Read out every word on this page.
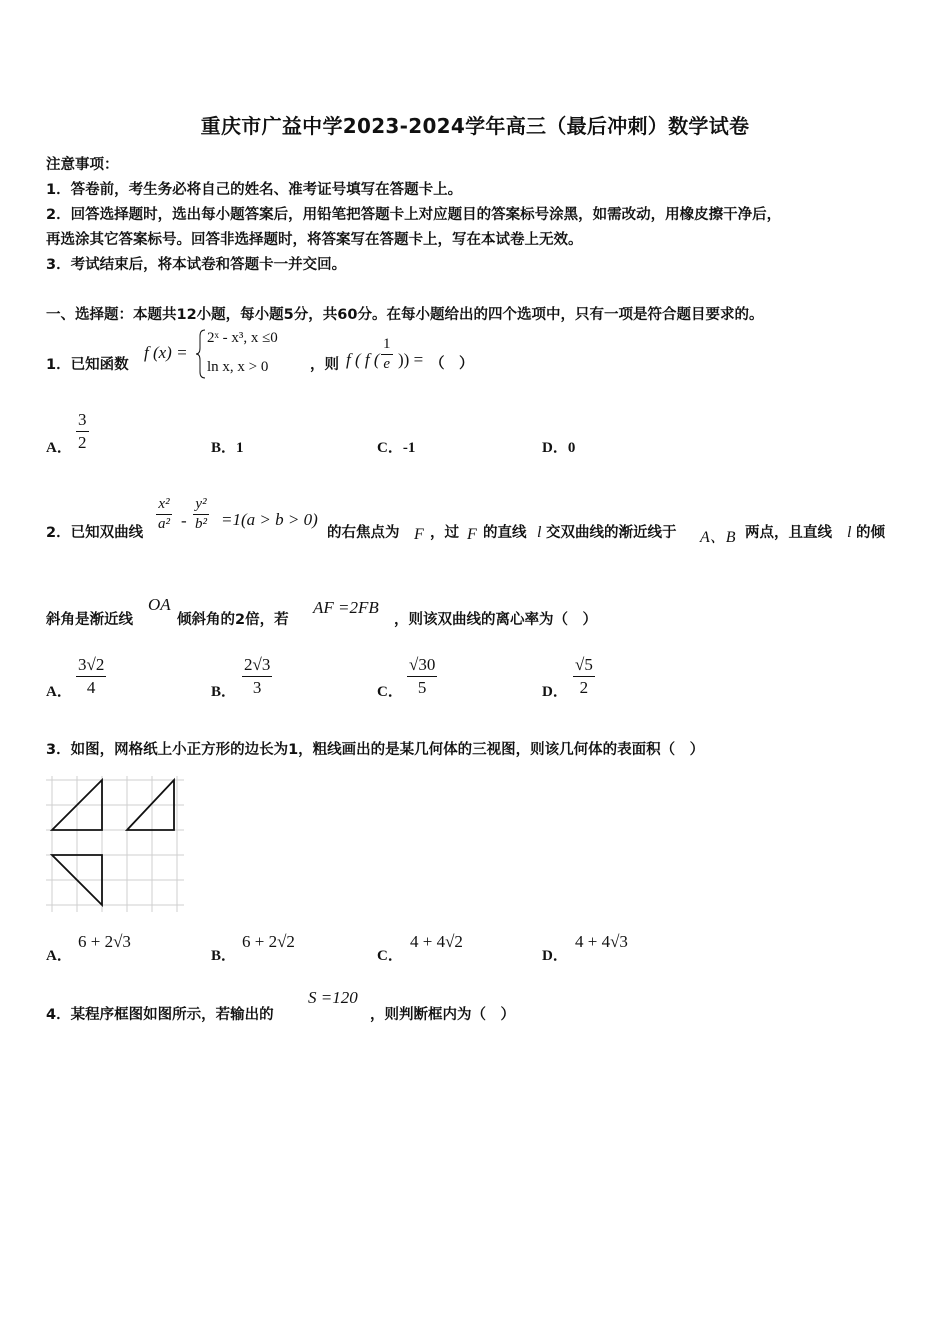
重庆市广益中学2023-2024学年高三（最后冲刺）数学试卷
注意事项：
1．答卷前，考生务必将自己的姓名、准考证号填写在答题卡上。
2．回答选择题时，选出每小题答案后，用铅笔把答题卡上对应题目的答案标号涂黑，如需改动，用橡皮擦干净后，
再选涂其它答案标号。回答非选择题时，将答案写在答题卡上，写在本试卷上无效。
3．考试结束后，将本试卷和答题卡一并交回。
一、选择题：本题共12小题，每小题5分，共60分。在每小题给出的四个选项中，只有一项是符合题目要求的。
1．已知函数
f (x) =
2ˣ - x³, x ≤0
ln x, x > 0	，则 f ( f (
1
e )) = （　）
A．
3
2	B．1	C．-1	D．0
2．已知双曲线
x²
a² -
y²
b² =1(a > b > 0)
的右焦点为 F ，过 F 的直线 l 交双曲线的渐近线于 A、B 两点，且直线 l 的倾
斜角是渐近线
OA
倾斜角的2倍，若
AF =2FB
，则该双曲线的离心率为（　）
A．
3√2
4	B．
2√3
3	C．
√30
5	D．
√5
2
3．如图，网格纸上小正方形的边长为1，粗线画出的是某几何体的三视图，则该几何体的表面积（　）
A．
6 + 2√3
B．
6 + 2√2
C．
4 + 4√2
D．
4 + 4√3
4．某程序框图如图所示，若输出的
S =120
，则判断框内为（　）
